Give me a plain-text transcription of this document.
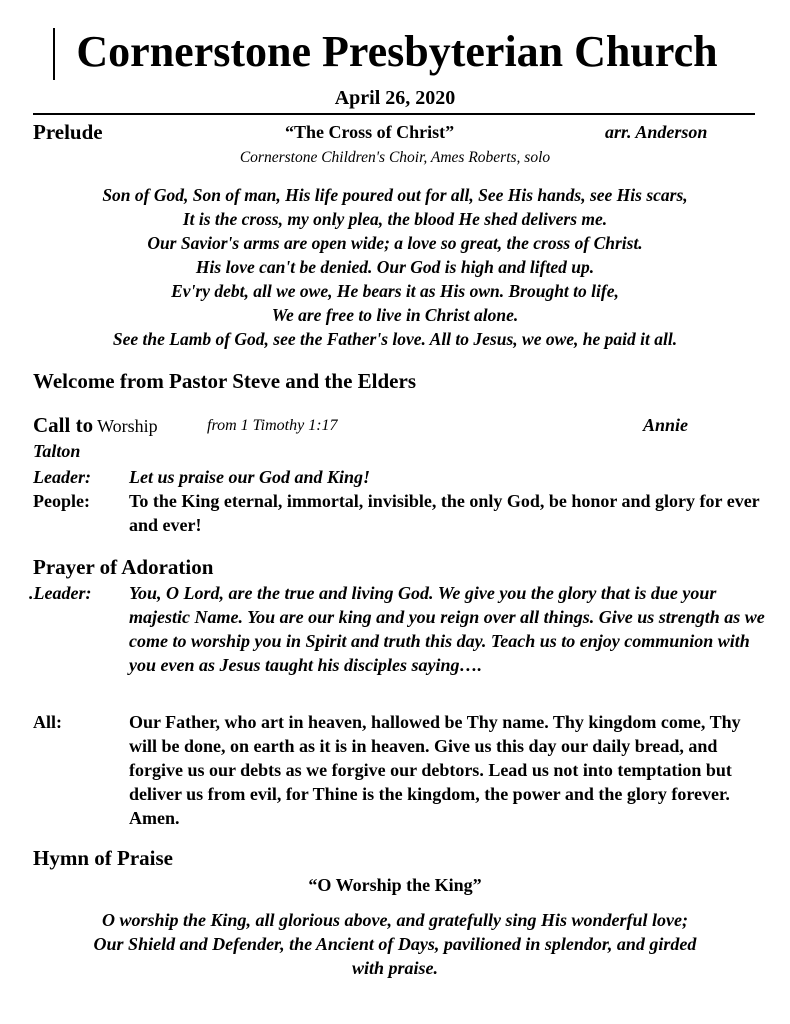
Cornerstone Presbyterian Church
April 26, 2020
Prelude	“The Cross of Christ”	arr. Anderson
Cornerstone Children's Choir, Ames Roberts, solo
Son of God, Son of man, His life poured out for all, See His hands, see His scars,
It is the cross, my only plea, the blood He shed delivers me.
Our Savior's arms are open wide; a love so great, the cross of Christ.
His love can't be denied. Our God is high and lifted up.
Ev'ry debt, all we owe, He bears it as His own. Brought to life,
We are free to live in Christ alone.
See the Lamb of God, see the Father's love. All to Jesus, we owe, he paid it all.
Welcome from Pastor Steve and the Elders
Call to Worship	from 1 Timothy 1:17	Annie
Talton
Leader: Let us praise our God and King!
People: To the King eternal, immortal, invisible, the only God, be honor and glory for ever and ever!
Prayer of Adoration
.Leader: You, O Lord, are the true and living God. We give you the glory that is due your majestic Name. You are our king and you reign over all things. Give us strength as we come to worship you in Spirit and truth this day. Teach us to enjoy communion with you even as Jesus taught his disciples saying….
All:	Our Father, who art in heaven, hallowed be Thy name. Thy kingdom come, Thy will be done, on earth as it is in heaven. Give us this day our daily bread, and forgive us our debts as we forgive our debtors. Lead us not into temptation but deliver us from evil, for Thine is the kingdom, the power and the glory forever. Amen.
Hymn of Praise
“O Worship the King”
O worship the King, all glorious above, and gratefully sing His wonderful love;
Our Shield and Defender, the Ancient of Days, pavilioned in splendor, and girded
with praise.
